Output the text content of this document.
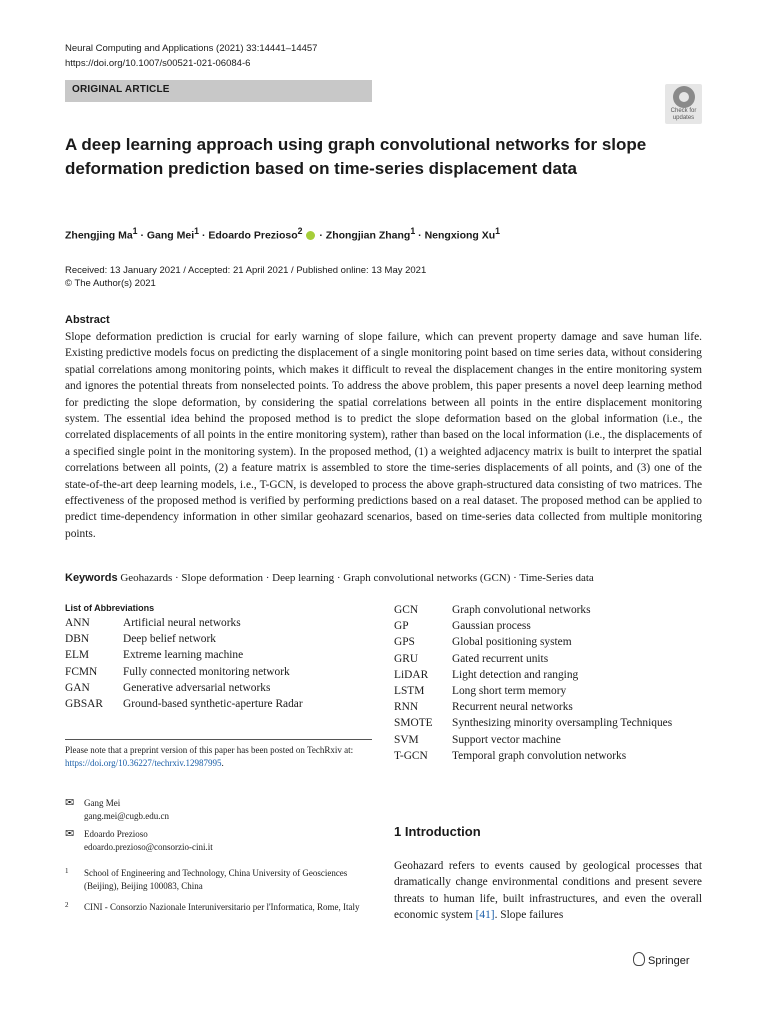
Neural Computing and Applications (2021) 33:14441–14457
https://doi.org/10.1007/s00521-021-06084-6
ORIGINAL ARTICLE
Check for
updates
A deep learning approach using graph convolutional networks for slope deformation prediction based on time-series displacement data
Zhengjing $Ma^1$ · Gang Mei$^1$ · Edoardo Prezioso$^2$  · Zhongjian Zhang$^1$ · Nengxiong Xu$^1$
Received: 13 January 2021 / Accepted: 21 April 2021 / Published online: 13 May 2021
© The Author(s) 2021
Abstract
Slope deformation prediction is crucial for early warning of slope failure, which can prevent property damage and save human life. Existing predictive models focus on predicting the displacement of a single monitoring point based on time series data, without considering spatial correlations among monitoring points, which makes it difficult to reveal the displacement changes in the entire monitoring system and ignores the potential threats from nonselected points. To address the above problem, this paper presents a novel deep learning method for predicting the slope deformation, by considering the spatial correlations between all points in the entire displacement monitoring system. The essential idea behind the proposed method is to predict the slope deformation based on the global information (i.e., the correlated displacements of all points in the entire monitoring system), rather than based on the local information (i.e., the displacements of a specified single point in the monitoring system). In the proposed method, (1) a weighted adjacency matrix is built to interpret the spatial correlations between all points, (2) a feature matrix is assembled to store the time-series displacements of all points, and (3) one of the state-of-the-art deep learning models, i.e., T-GCN, is developed to process the above graph-structured data consisting of two matrices. The effectiveness of the proposed method is verified by performing predictions based on a real dataset. The proposed method can be applied to predict time-dependency information in other similar geohazard scenarios, based on time-series data collected from multiple monitoring points.
Keywords Geohazards · Slope deformation · Deep learning · Graph convolutional networks (GCN) · Time-Series data
List of Abbreviations
ANN	Artificial neural networks
DBN	Deep belief network
ELM	Extreme learning machine
FCMN	Fully connected monitoring network
GAN	Generative adversarial networks
GBSAR	Ground-based synthetic-aperture Radar
GCN	Graph convolutional networks
GP	Gaussian process
GPS	Global positioning system
GRU	Gated recurrent units
LiDAR	Light detection and ranging
LSTM	Long short term memory
RNN	Recurrent neural networks
SMOTE	Synthesizing minority oversampling Techniques
SVM	Support vector machine
T-GCN	Temporal graph convolution networks
Please note that a preprint version of this paper has been posted on TechRxiv at: https://doi.org/10.36227/techrxiv.12987995.
✉ Gang Mei
gang.mei@cugb.edu.cn
✉ Edoardo Prezioso
edoardo.prezioso@consorzio-cini.it
1 School of Engineering and Technology, China University of Geosciences (Beijing), Beijing 100083, China
2 CINI - Consorzio Nazionale Interuniversitario per l'Informatica, Rome, Italy
1 Introduction
Geohazard refers to events caused by geological processes that dramatically change environmental conditions and present severe threats to human life, built infrastructures, and even the overall economic system [41]. Slope failures
Springer
